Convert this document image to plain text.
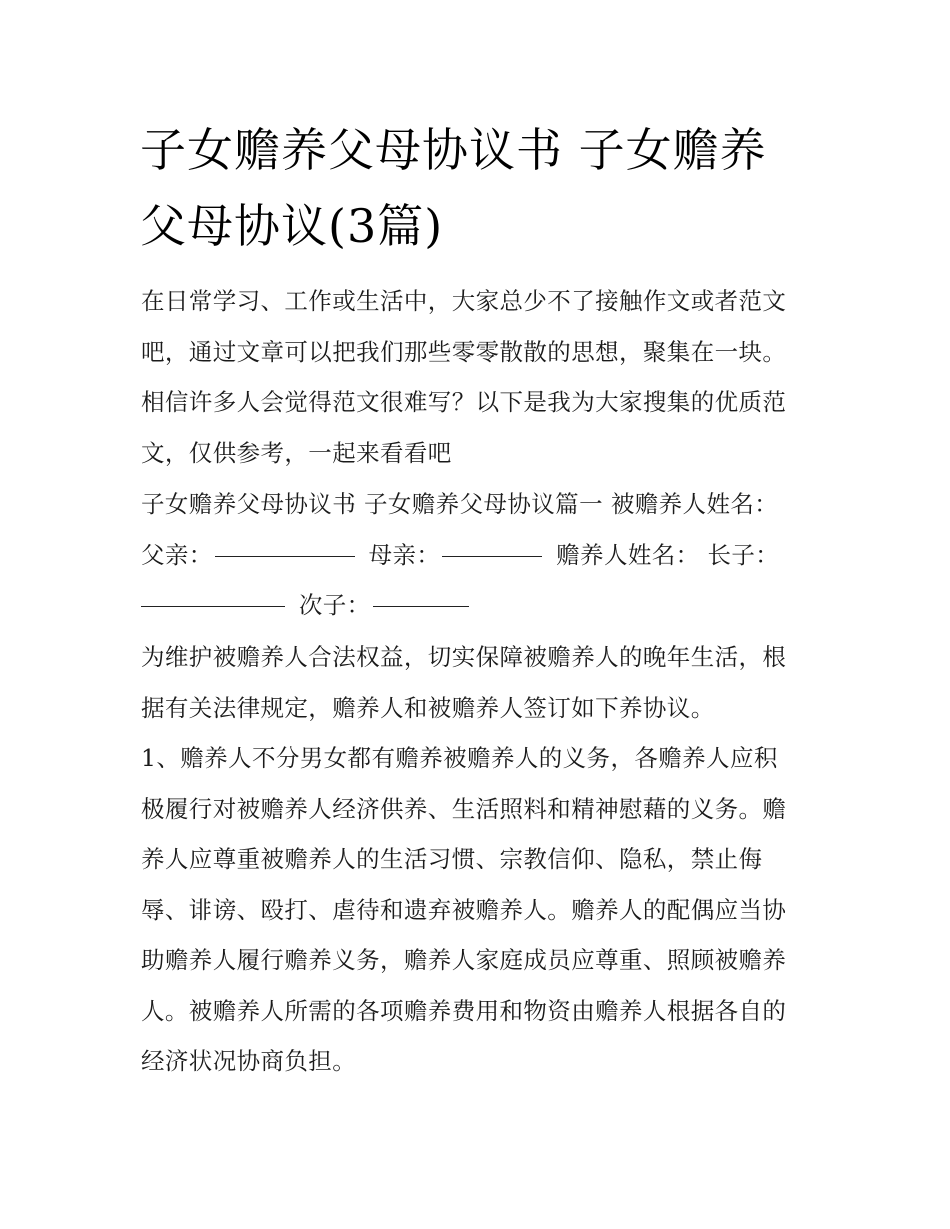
子女赡养父母协议书 子女赡养
父母协议(3篇)
在日常学习、工作或生活中，大家总少不了接触作文或者范文
吧，通过文章可以把我们那些零零散散的思想，聚集在一块。
相信许多人会觉得范文很难写？以下是我为大家搜集的优质范
文，仅供参考，一起来看看吧
子女赡养父母协议书 子女赡养父母协议篇一 被赡养人姓名：
父亲：	母亲：	赡养人姓名： 长子：
次子：
为维护被赡养人合法权益，切实保障被赡养人的晚年生活，根
据有关法律规定，赡养人和被赡养人签订如下养协议。
1、赡养人不分男女都有赡养被赡养人的义务，各赡养人应积
极履行对被赡养人经济供养、生活照料和精神慰藉的义务。赡
养人应尊重被赡养人的生活习惯、宗教信仰、隐私，禁止侮
辱、诽谤、殴打、虐待和遗弃被赡养人。赡养人的配偶应当协
助赡养人履行赡养义务，赡养人家庭成员应尊重、照顾被赡养
人。被赡养人所需的各项赡养费用和物资由赡养人根据各自的
经济状况协商负担。
